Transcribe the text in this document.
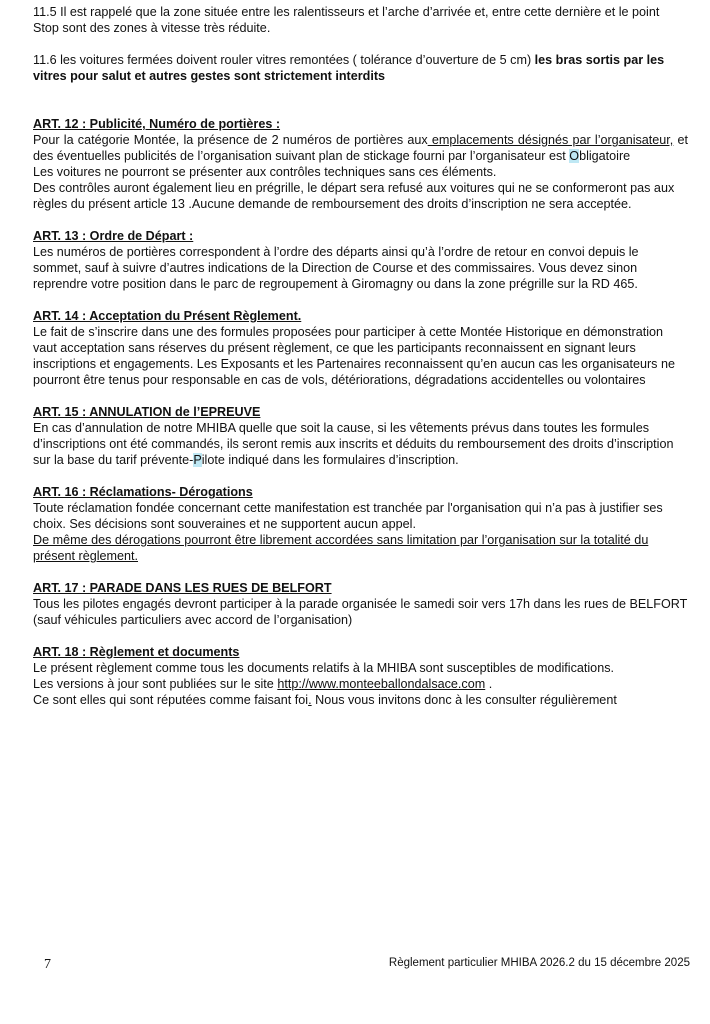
11.5 Il est rappelé que la zone située entre les ralentisseurs et l’arche d’arrivée et, entre cette dernière et le point Stop sont des zones à vitesse très réduite.

11.6 les voitures fermées doivent rouler vitres remontées ( tolérance d’ouverture de 5 cm) les bras sortis par les vitres pour salut et autres gestes sont strictement interdits

ART. 12 : Publicité, Numéro de portières :

Pour la catégorie Montée, la présence de 2 numéros de portières aux emplacements désignés par l’organisateur, et des éventuelles publicités de l’organisation suivant plan de stickage fourni par l’organisateur est Obligatoire

Les voitures ne pourront se présenter aux contrôles techniques sans ces éléments.

Des contrôles auront également lieu en prégrille, le départ sera refusé aux voitures qui ne se conformeront pas aux règles du présent article 13 .Aucune demande de remboursement des droits d’inscription ne sera acceptée.

ART. 13 : Ordre de Départ :

Les numéros de portières correspondent à l’ordre des départs ainsi qu’à l’ordre de retour en convoi depuis le sommet, sauf à suivre d’autres indications de la Direction de Course et des commissaires. Vous devez sinon reprendre votre position dans le parc de regroupement à Giromagny ou dans la zone prégrille sur la RD 465.

ART. 14 : Acceptation du Présent Règlement.

Le fait de s’inscrire dans une des formules proposées pour participer à cette Montée Historique en démonstration vaut acceptation sans réserves du présent règlement, ce que les participants reconnaissent en signant leurs inscriptions et engagements. Les Exposants et les Partenaires reconnaissent qu’en aucun cas les organisateurs ne pourront être tenus pour responsable en cas de vols, détériorations, dégradations accidentelles ou volontaires

ART. 15 : ANNULATION de l’EPREUVE

En cas d’annulation de notre MHIBA quelle que soit la cause, si les vêtements prévus dans toutes les formules d’inscriptions ont été commandés, ils seront remis aux inscrits et déduits du remboursement des droits d’inscription sur la base du tarif prévente-Pilote indiqué dans les formulaires d’inscription.

ART. 16 : Réclamations- Dérogations

Toute réclamation fondée concernant cette manifestation est tranchée par l'organisation qui n’a pas à justifier ses choix. Ses décisions sont souveraines et ne supportent aucun appel.

De même des dérogations pourront être librement accordées sans limitation par l’organisation sur la totalité du présent règlement.

ART. 17 : PARADE DANS LES RUES DE BELFORT

Tous les pilotes engagés devront participer à la parade organisée le samedi soir vers 17h dans les rues de BELFORT (sauf véhicules particuliers avec accord de l’organisation)

ART. 18 : Règlement et documents

Le présent règlement comme tous les documents relatifs à la MHIBA sont susceptibles de modifications.

Les versions à jour sont publiées sur le site http://www.monteeballondalsace.com .

Ce sont elles qui sont réputées comme faisant foi. Nous vous invitons donc à les consulter régulièrement

7	Règlement particulier MHIBA 2026.2 du 15 décembre 2025
